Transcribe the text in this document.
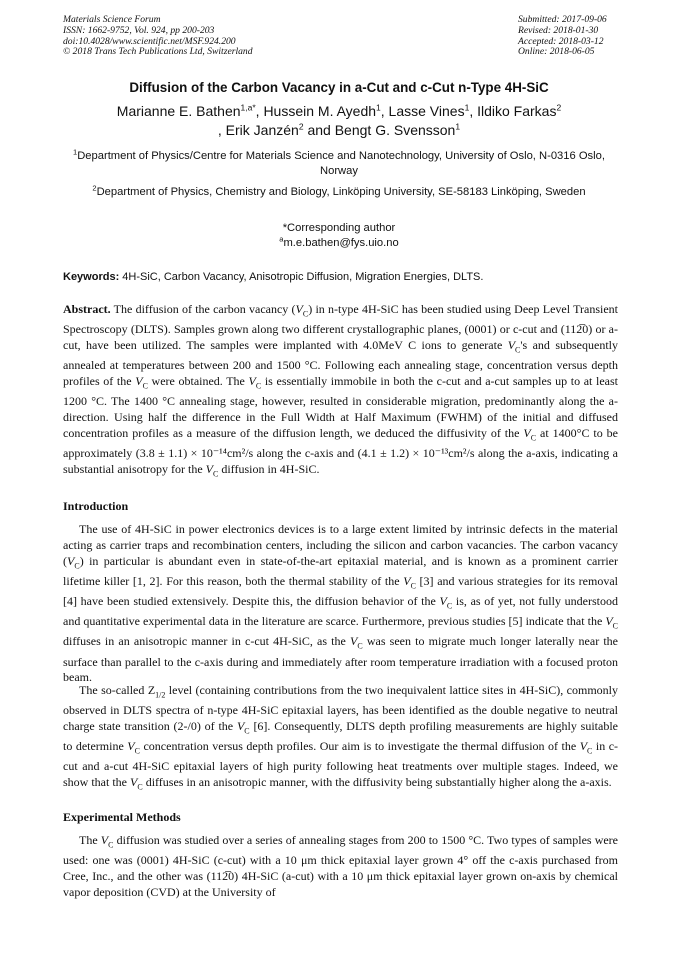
Materials Science Forum
ISSN: 1662-9752, Vol. 924, pp 200-203
doi:10.4028/www.scientific.net/MSF.924.200
© 2018 Trans Tech Publications Ltd, Switzerland
Submitted: 2017-09-06
Revised: 2018-01-30
Accepted: 2018-03-12
Online: 2018-06-05
Diffusion of the Carbon Vacancy in a-Cut and c-Cut n-Type 4H-SiC
Marianne E. Bathen$^{1,a*}$, Hussein M. Ayedh$^1$, Lasse Vines$^1$, Ildiko Farkas$^2$
, Erik Janzén$^2$ and Bengt G. Svensson$^1$
$^1$Department of Physics/Centre for Materials Science and Nanotechnology, University of Oslo, N-0316 Oslo, Norway
$^2$Department of Physics, Chemistry and Biology, Linköping University, SE-58183 Linköping, Sweden
*Corresponding author
$^a$m.e.bathen@fys.uio.no
Keywords: 4H-SiC, Carbon Vacancy, Anisotropic Diffusion, Migration Energies, DLTS.
Abstract. The diffusion of the carbon vacancy $(V_C)$ in n-type 4H-SiC has been studied using Deep Level Transient Spectroscopy (DLTS). Samples grown along two different crystallographic planes, (0001) or c-cut and (112̅0) or a-cut, have been utilized. The samples were implanted with 4.0MeV C ions to generate $V_C's$ and subsequently annealed at temperatures between 200 and 1500 °C. Following each annealing stage, concentration versus depth profiles of the $V_C$ were obtained. The $V_C$ is essentially immobile in both the c-cut and a-cut samples up to at least 1200 °C. The 1400 °C annealing stage, however, resulted in considerable migration, predominantly along the a-direction. Using half the difference in the Full Width at Half Maximum (FWHM) of the initial and diffused concentration profiles as a measure of the diffusion length, we deduced the diffusivity of the $V_C$ at 1400°C to be approximately (3.8 ± 1.1) × 10⁻¹⁴cm²/s along the c-axis and (4.1 ± 1.2) × 10⁻¹³cm²/s along the a-axis, indicating a substantial anisotropy for the $V_C$ diffusion in 4H-SiC.
Introduction
The use of 4H-SiC in power electronics devices is to a large extent limited by intrinsic defects in the material acting as carrier traps and recombination centers, including the silicon and carbon vacancies. The carbon vacancy $(V_C)$ in particular is abundant even in state-of-the-art epitaxial material, and is known as a prominent carrier lifetime killer [1, 2]. For this reason, both the thermal stability of the $V_C$ [3] and various strategies for its removal [4] have been studied extensively. Despite this, the diffusion behavior of the $V_C$ is, as of yet, not fully understood and quantitative experimental data in the literature are scarce. Furthermore, previous studies [5] indicate that the $V_C$ diffuses in an anisotropic manner in c-cut 4H-SiC, as the $V_C$ was seen to migrate much longer laterally near the surface than parallel to the c-axis during and immediately after room temperature irradiation with a focused proton beam.
The so-called $Z_{1/2}$ level (containing contributions from the two inequivalent lattice sites in 4H-SiC), commonly observed in DLTS spectra of n-type 4H-SiC epitaxial layers, has been identified as the double negative to neutral charge state transition (2-/0) of the $V_C$ [6]. Consequently, DLTS depth profiling measurements are highly suitable to determine $V_C$ concentration versus depth profiles. Our aim is to investigate the thermal diffusion of the $V_C$ in c-cut and a-cut 4H-SiC epitaxial layers of high purity following heat treatments over multiple stages. Indeed, we show that the $V_C$ diffuses in an anisotropic manner, with the diffusivity being substantially higher along the a-axis.
Experimental Methods
The $V_C$ diffusion was studied over a series of annealing stages from 200 to 1500 °C. Two types of samples were used: one was (0001) 4H-SiC (c-cut) with a 10 μm thick epitaxial layer grown 4° off the c-axis purchased from Cree, Inc., and the other was (112̅0) 4H-SiC (a-cut) with a 10 μm thick epitaxial layer grown on-axis by chemical vapor deposition (CVD) at the University of
